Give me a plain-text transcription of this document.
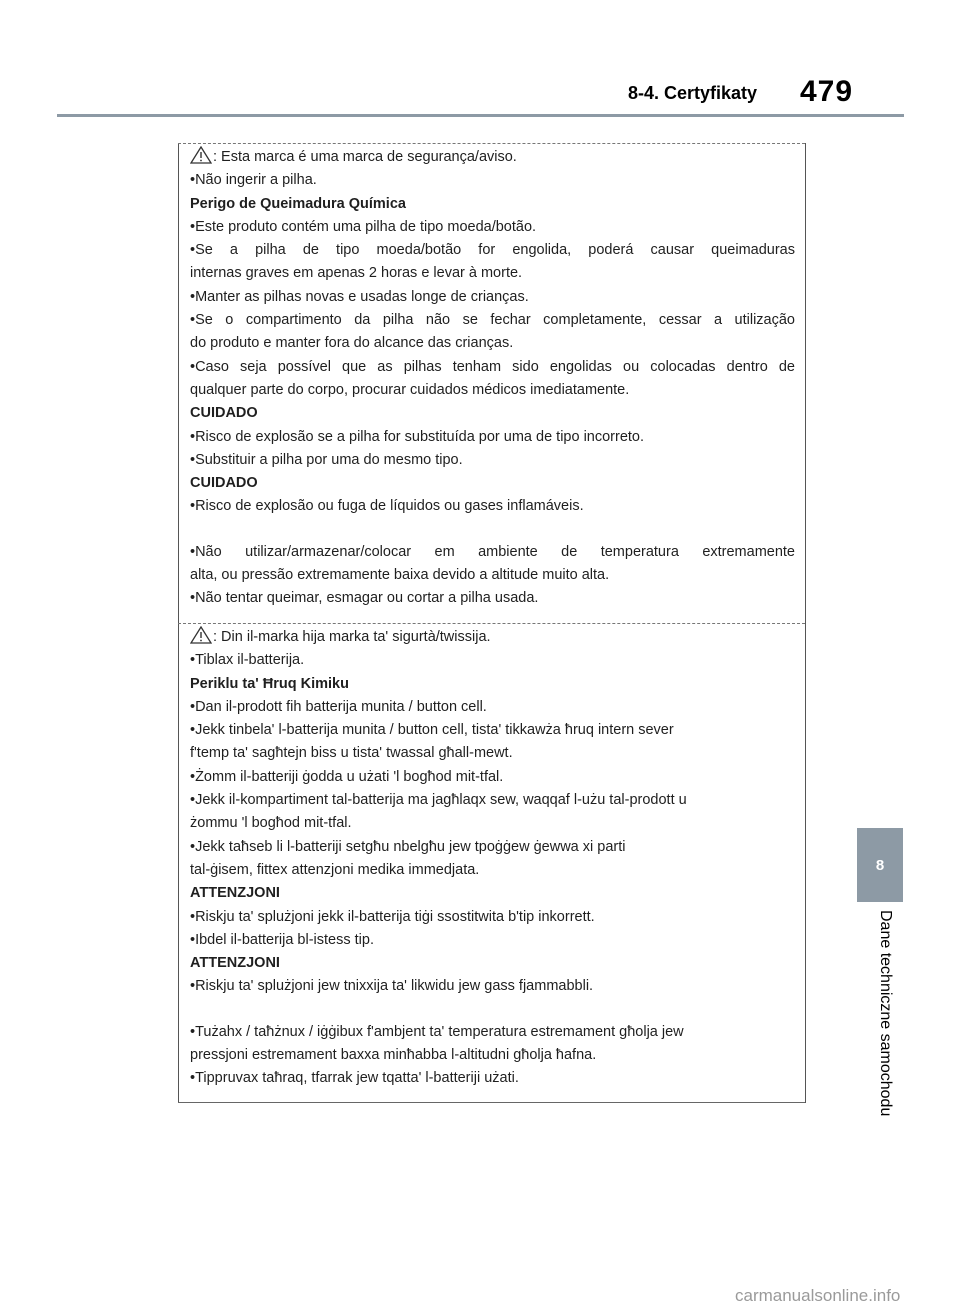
8-4. Certyfikaty 479
8
Dane techniczne samochodu
: Esta marca é uma marca de segurança/aviso.
•Não ingerir a pilha.
Perigo de Queimadura Química
•Este produto contém uma pilha de tipo moeda/botão.
•Se a pilha de tipo moeda/botão for engolida, poderá causar queimaduras
internas graves em apenas 2 horas e levar à morte.
•Manter as pilhas novas e usadas longe de crianças.
•Se o compartimento da pilha não se fechar completamente, cessar a utilização
do produto e manter fora do alcance das crianças.
•Caso seja possível que as pilhas tenham sido engolidas ou colocadas dentro de
qualquer parte do corpo, procurar cuidados médicos imediatamente.
CUIDADO
•Risco de explosão se a pilha for substituída por uma de tipo incorreto.
•Substituir a pilha por uma do mesmo tipo.
CUIDADO
•Risco de explosão ou fuga de líquidos ou gases inflamáveis.
•Não utilizar/armazenar/colocar em ambiente de temperatura extremamente
alta, ou pressão extremamente baixa devido a altitude muito alta.
•Não tentar queimar, esmagar ou cortar a pilha usada.
: Din il-marka hija marka ta' sigurtà/twissija.
•Tiblax il-batterija.
Periklu ta' Ħruq Kimiku
•Dan il-prodott fih batterija munita / button cell.
•Jekk tinbela' l-batterija munita / button cell, tista' tikkawża ħruq intern sever
f'temp ta' sagħtejn biss u tista' twassal għall-mewt.
•Żomm il-batteriji ġodda u użati 'l bogħod mit-tfal.
•Jekk il-kompartiment tal-batterija ma jagħlaqx sew, waqqaf l-użu tal-prodott u
żommu 'l bogħod mit-tfal.
•Jekk taħseb li l-batteriji setgħu nbelgħu jew tpoġġew ġewwa xi parti
tal-ġisem, fittex attenzjoni medika immedjata.
ATTENZJONI
•Riskju ta' splużjoni jekk il-batterija tiġi ssostitwita b'tip inkorrett.
•Ibdel il-batterija bl-istess tip.
ATTENZJONI
•Riskju ta' splużjoni jew tnixxija ta' likwidu jew gass fjammabbli.
•Tużahx / taħżnux / iġġibux f'ambjent ta' temperatura estremament għolja jew
pressjoni estremament baxxa minħabba l-altitudni għolja ħafna.
•Tippruvax taħraq, tfarrak jew tqatta' l-batteriji użati.
carmanualsonline.info
